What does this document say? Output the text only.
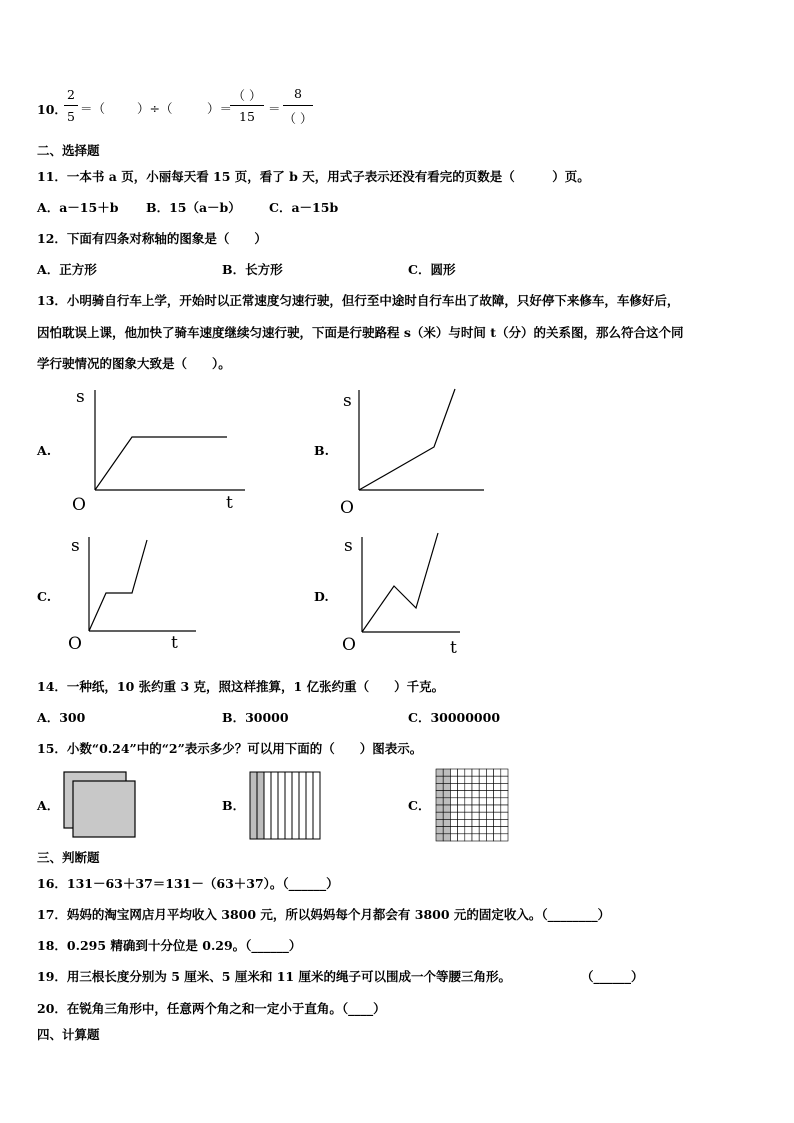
10．
2
5
＝（	）÷（	）＝
（ ）
15
＝
8
（ ）
二、选择题
11．一本书 a 页，小丽每天看 15 页，看了 b 天，用式子表示还没有看完的页数是（　　　）页。
A．a－15＋b B．15（a－b） C．a－15b
12．下面有四条对称轴的图象是（　　）
A．正方形	B．长方形	C．圆形
13．小明骑自行车上学，开始时以正常速度匀速行驶，但行至中途时自行车出了故障，只好停下来修车，车修好后，
因怕耽误上课，他加快了骑车速度继续匀速行驶，下面是行驶路程 s（米）与时间 t（分）的关系图，那么符合这个同
学行驶情况的图象大致是（　　）。
A.
s
O	t
B.
s
O
C.
s
O	t
D.
s
O	t
14．一种纸，10 张约重 3 克，照这样推算，1 亿张约重（　　）千克。
A．300	B．30000	C．30000000
15．小数“0.24”中的“2”表示多少？可以用下面的（　　）图表示。
A．	B．	C．
三、判断题
16．131－63＋37＝131－（63＋37）。（______）
17．妈妈的淘宝网店月平均收入 3800 元，所以妈妈每个月都会有 3800 元的固定收入。（________）
18．0.295 精确到十分位是 0.29。（______）
19．用三根长度分别为 5 厘米、5 厘米和 11 厘米的绳子可以围成一个等腰三角形。	（______）
20．在锐角三角形中，任意两个角之和一定小于直角。（____）
四、计算题
